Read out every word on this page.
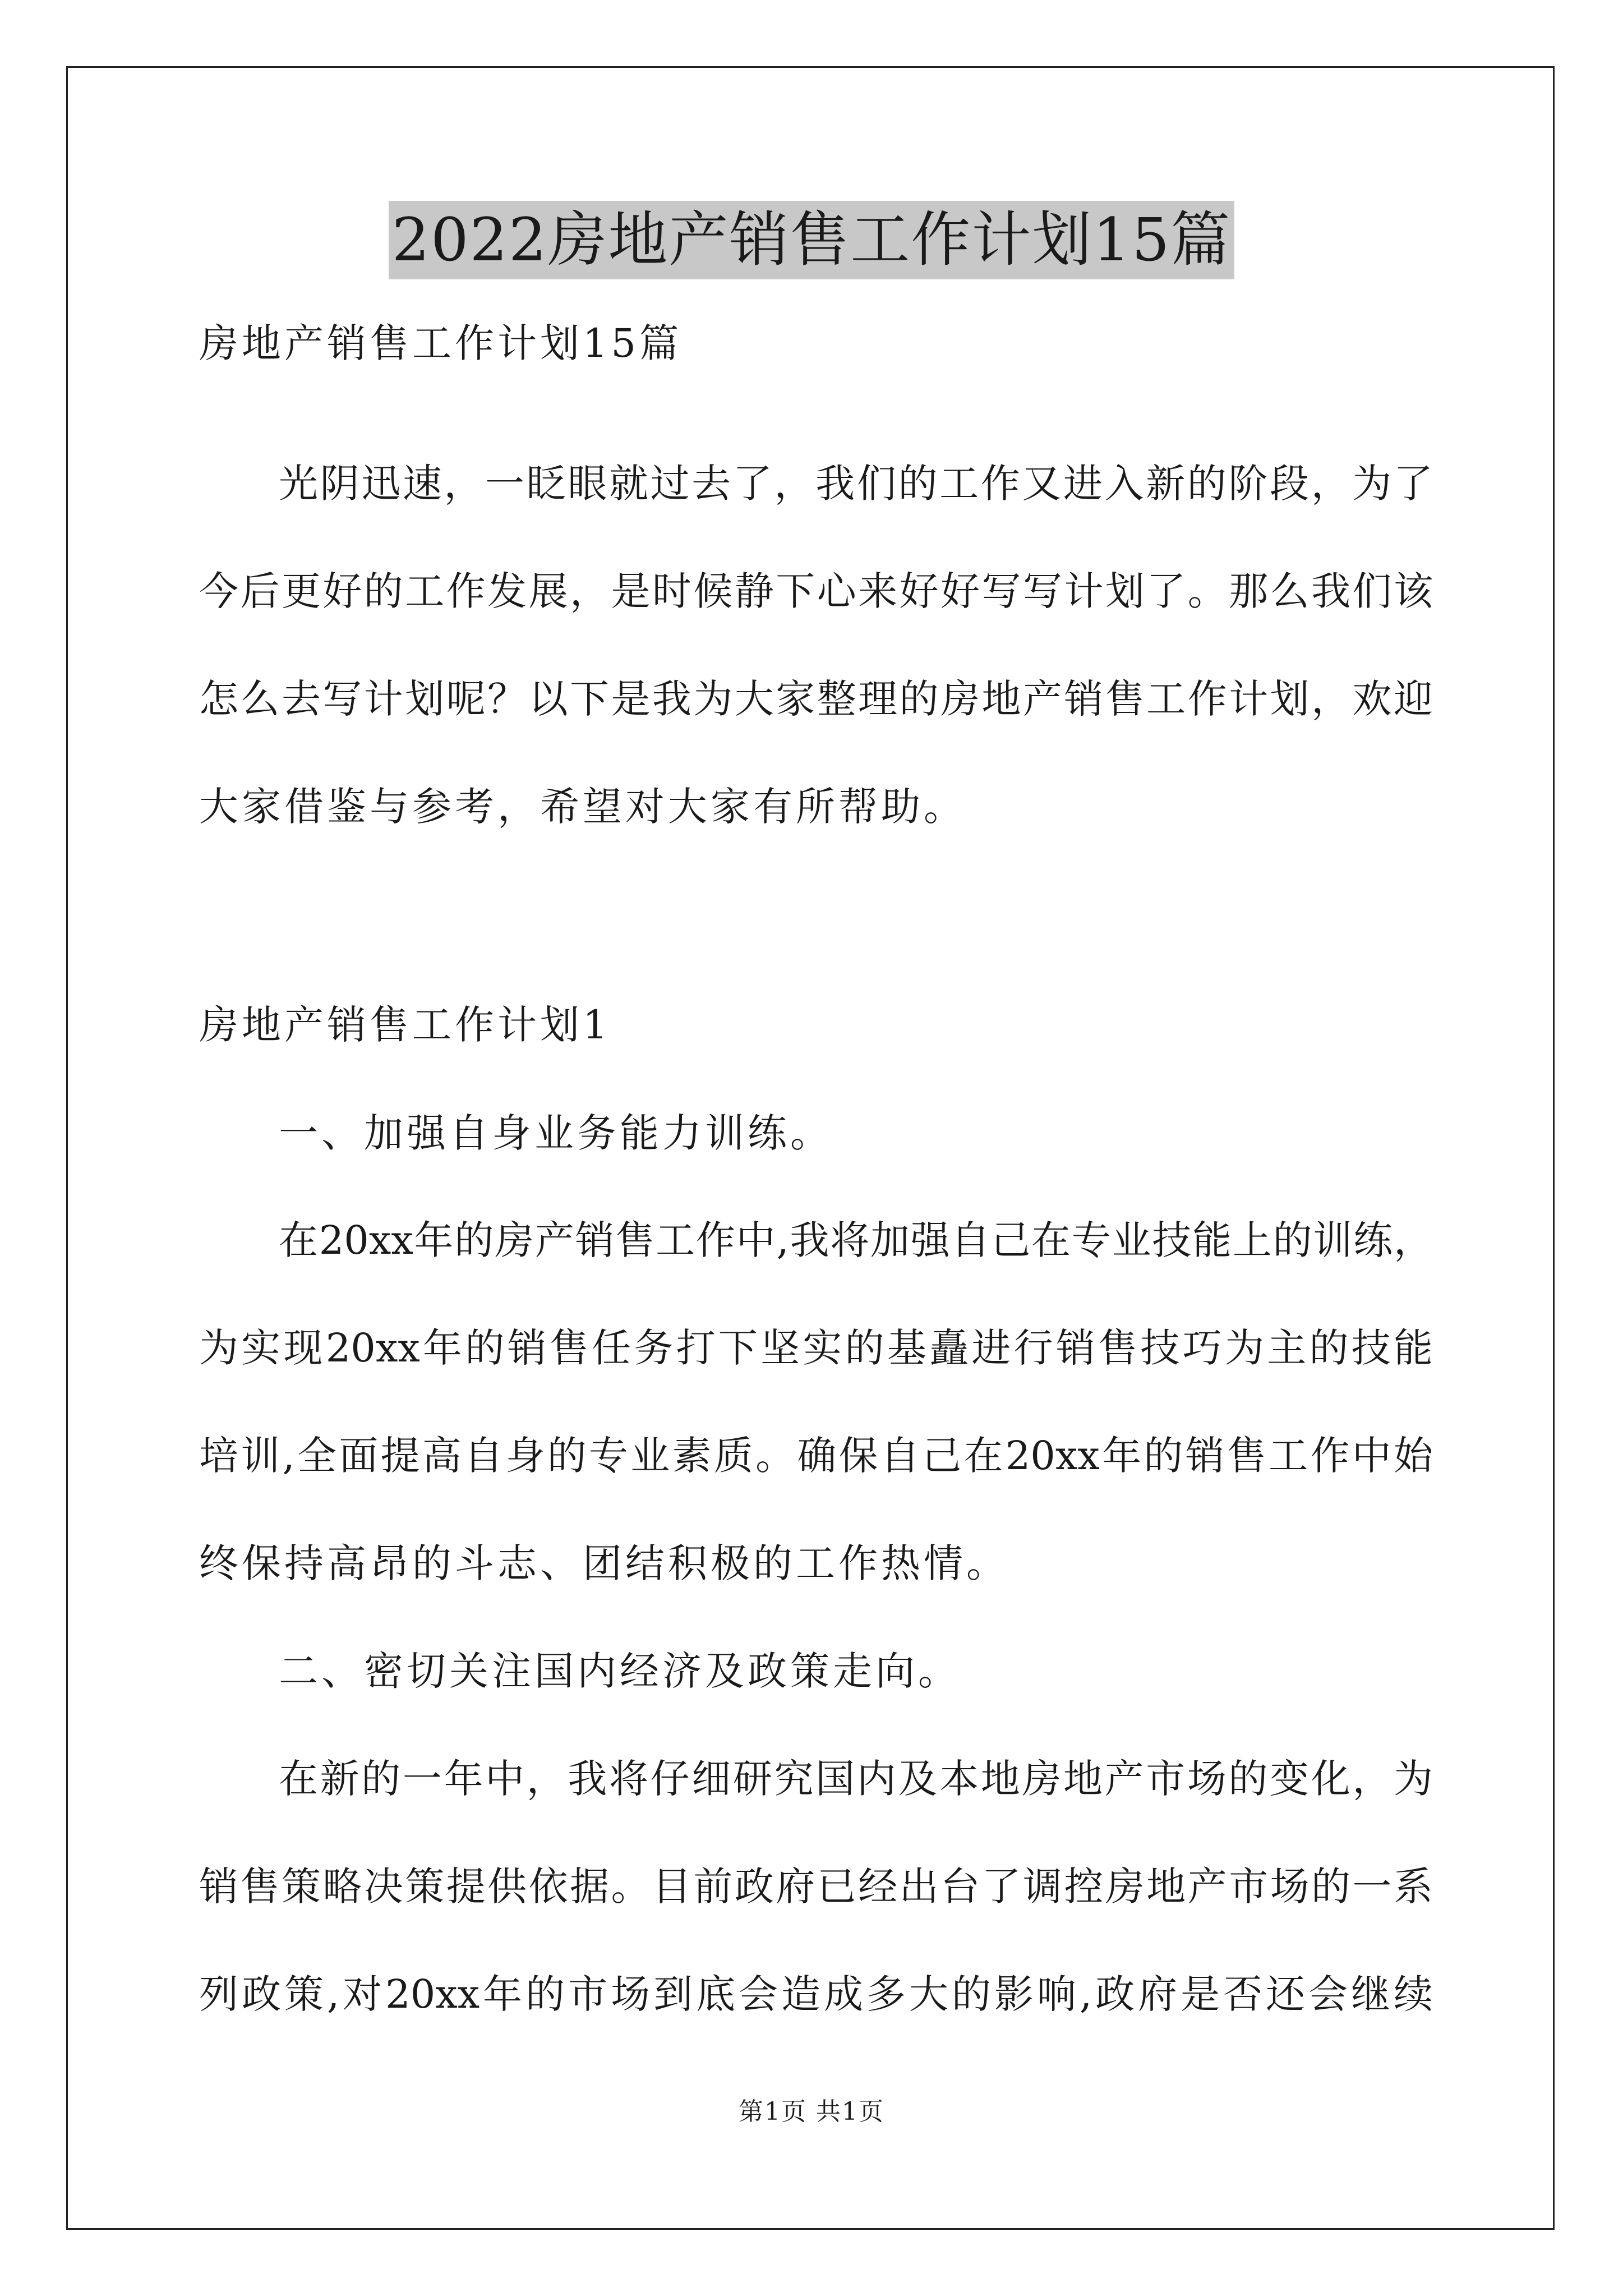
2022房地产销售工作计划15篇
房地产销售工作计划15篇
光阴迅速，一眨眼就过去了，我们的工作又进入新的阶段，为了
今后更好的工作发展，是时候静下心来好好写写计划了。那么我们该
怎么去写计划呢？以下是我为大家整理的房地产销售工作计划，欢迎
大家借鉴与参考，希望对大家有所帮助。
房地产销售工作计划1
一、加强自身业务能力训练。
在20xx年的房产销售工作中,我将加强自己在专业技能上的训练，
为实现20xx年的销售任务打下坚实的基矗进行销售技巧为主的技能
培训,全面提高自身的专业素质。确保自己在20xx年的销售工作中始
终保持高昂的斗志、团结积极的工作热情。
二、密切关注国内经济及政策走向。
在新的一年中，我将仔细研究国内及本地房地产市场的变化，为
销售策略决策提供依据。目前政府已经出台了调控房地产市场的一系
列政策,对20xx年的市场到底会造成多大的影响,政府是否还会继续
第1页 共1页
